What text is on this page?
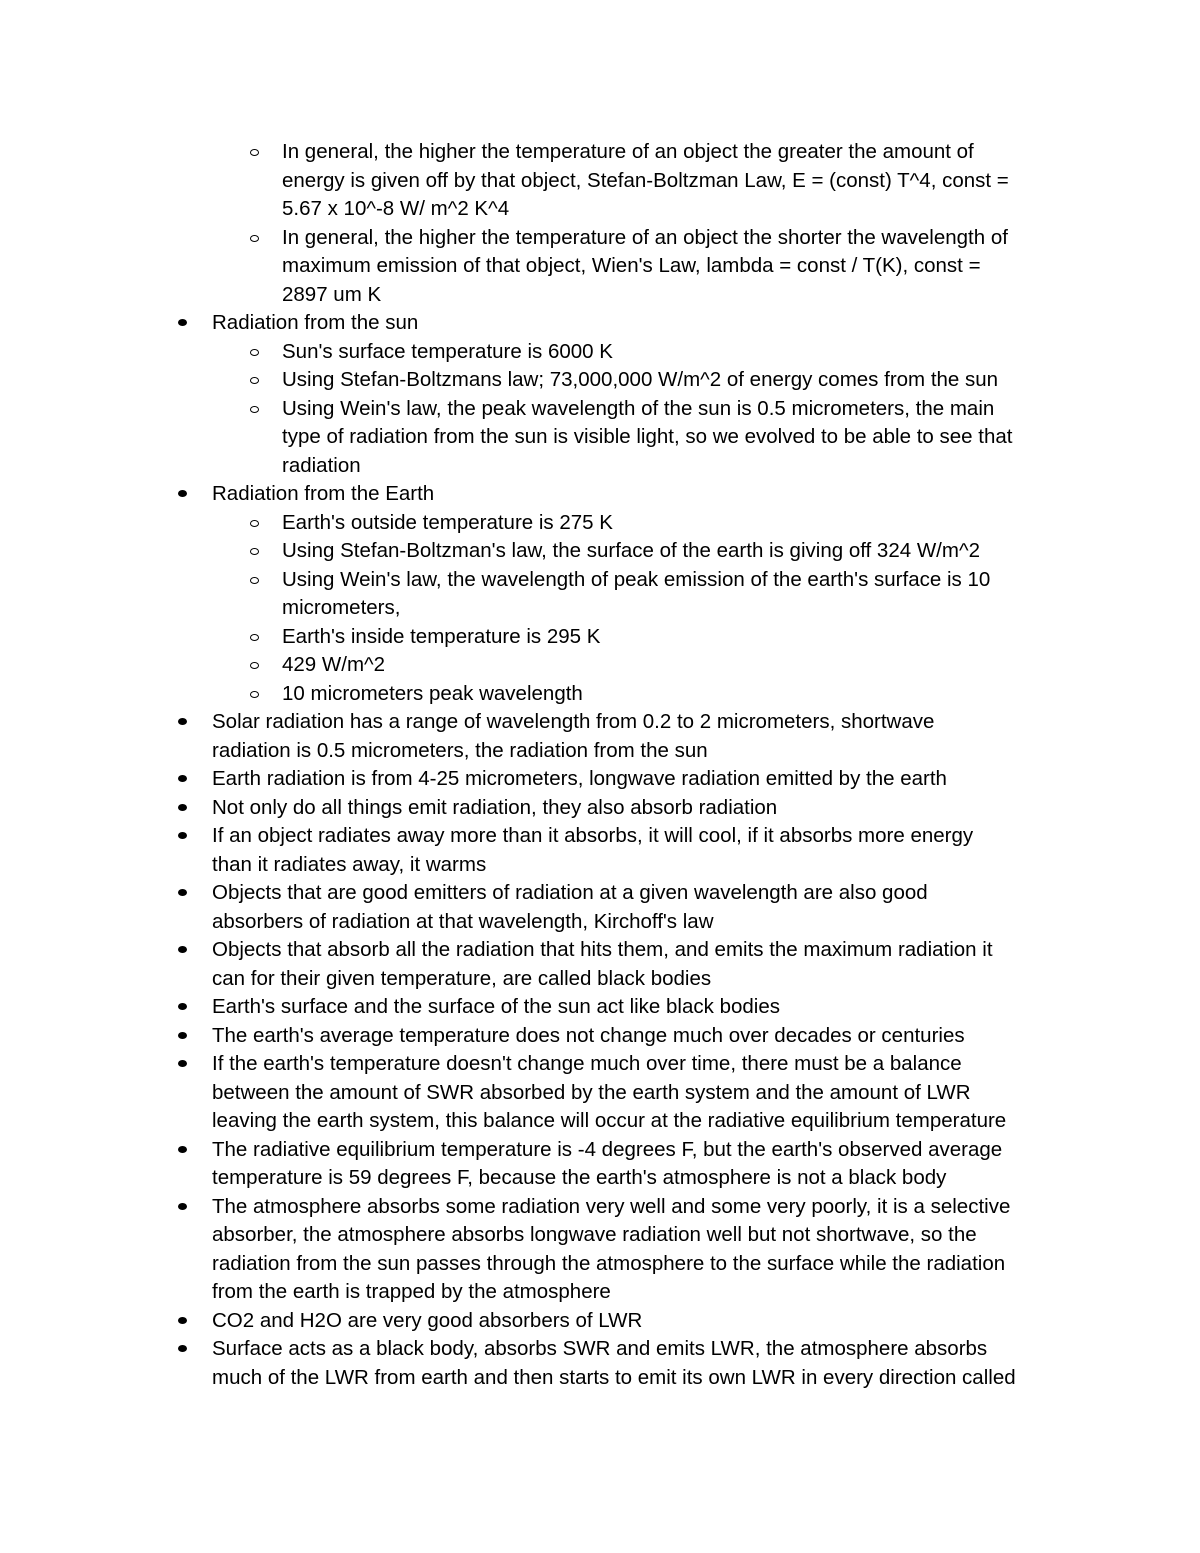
In general, the higher the temperature of an object the greater the amount of
energy is given off by that object, Stefan-Boltzman Law, E = (const) T^4, const =
5.67 x 10^-8 W/ m^2 K^4
In general, the higher the temperature of an object the shorter the wavelength of
maximum emission of that object, Wien's Law, lambda = const / T(K), const =
2897 um K
Radiation from the sun
Sun's surface temperature is 6000 K
Using Stefan-Boltzmans law; 73,000,000 W/m^2 of energy comes from the sun
Using Wein's law, the peak wavelength of the sun is 0.5 micrometers, the main
type of radiation from the sun is visible light, so we evolved to be able to see that
radiation
Radiation from the Earth
Earth's outside temperature is 275 K
Using Stefan-Boltzman's law, the surface of the earth is giving off 324 W/m^2
Using Wein's law, the wavelength of peak emission of the earth's surface is 10
micrometers,
Earth's inside temperature is 295 K
429 W/m^2
10 micrometers peak wavelength
Solar radiation has a range of wavelength from 0.2 to 2 micrometers, shortwave
radiation is 0.5 micrometers, the radiation from the sun
Earth radiation is from 4-25 micrometers, longwave radiation emitted by the earth
Not only do all things emit radiation, they also absorb radiation
If an object radiates away more than it absorbs, it will cool, if it absorbs more energy
than it radiates away, it warms
Objects that are good emitters of radiation at a given wavelength are also good
absorbers of radiation at that wavelength, Kirchoff's law
Objects that absorb all the radiation that hits them, and emits the maximum radiation it
can for their given temperature, are called black bodies
Earth's surface and the surface of the sun act like black bodies
The earth's average temperature does not change much over decades or centuries
If the earth's temperature doesn't change much over time, there must be a balance
between the amount of SWR absorbed by the earth system and the amount of LWR
leaving the earth system, this balance will occur at the radiative equilibrium temperature
The radiative equilibrium temperature is -4 degrees F, but the earth's observed average
temperature is 59 degrees F, because the earth's atmosphere is not a black body
The atmosphere absorbs some radiation very well and some very poorly, it is a selective
absorber, the atmosphere absorbs longwave radiation well but not shortwave, so the
radiation from the sun passes through the atmosphere to the surface while the radiation
from the earth is trapped by the atmosphere
CO2 and H2O are very good absorbers of LWR
Surface acts as a black body, absorbs SWR and emits LWR, the atmosphere absorbs
much of the LWR from earth and then starts to emit its own LWR in every direction called
